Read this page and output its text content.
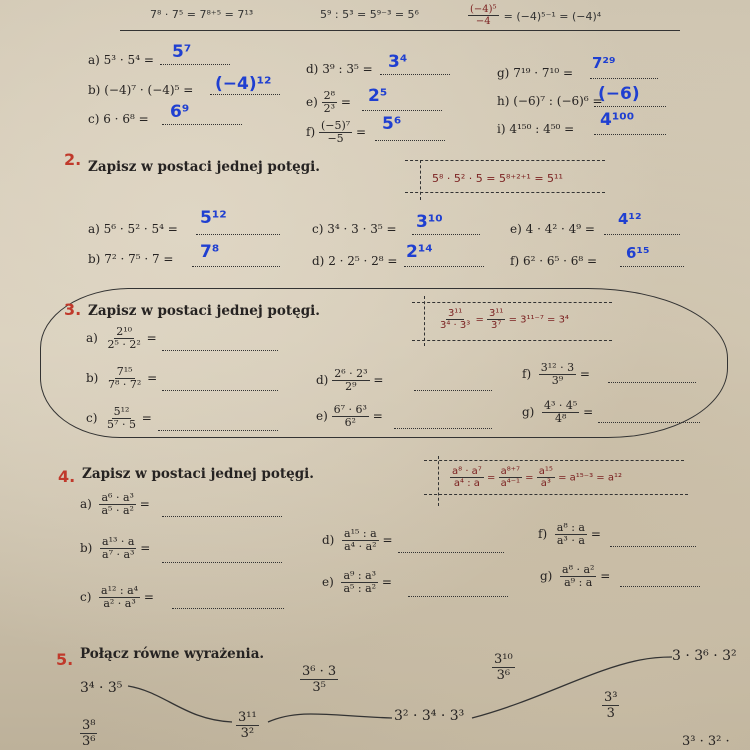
7⁸ · 7⁵ = 7⁸⁺⁵ = 7¹³	5⁹ : 5³ = 5⁹⁻³ = 5⁶	$\frac{\text{(−4)⁵}}{-4} = (-4)^{5-1} = (-4)^4$
a) 5³ · 5⁴ = 5⁷
b) (−4)⁷ · (−4)⁵ = (−4)¹²
c) 6 · 6⁸ = 6⁹
d) 3⁹ : 3⁵ = 3⁴
$e) \frac{\text{2⁸}}{\text{2³}} = 2^5$
$f) \frac{\text{(−5)⁷}}{-5} = 5^6$
g) 7¹⁹ · 7¹⁰ =
7²⁹
h) (−6)⁷ : (−6)⁶ =
(−6)
i) 4¹⁵⁰ : 4⁵⁰ = 4¹⁰⁰
2. Zapisz w postaci jednej potęgi.
5⁸ · 5² · 5 = 5⁸⁺²⁺¹ = 5¹¹
a) 5⁶ · 5² · 5⁴ =
5¹²
b) 7² · 7⁵ · 7 = 7⁸
c) 3⁴ · 3 · 3⁵ = 3¹⁰
d) 2 · 2⁵ · 2⁸ = 2¹⁴
e) 4 · 4² · 4⁹ =
4¹²
f) 6² · 6⁵ · 6⁸ = 6¹⁵
3. Zapisz w postaci jednej potęgi.	$\frac{\text{3¹¹}}{\text{3⁴ · 3³}} = \frac{\text{3¹¹}}{\text{3⁷}} = 3^{11-7} = 3^4$
$a) \frac{\text{2¹⁰}}{\text{2⁵ · 2²}}$ =
$b) \frac{\text{7¹⁵}}{\text{7⁸ · 7²}}$ =
$c) \frac{\text{5¹²}}{\text{5⁷ · 5}}$ =
$d) \frac{\text{2⁶ · 2³}}{\text{2⁹}}$ =
$e) \frac{\text{6⁷ · 6³}}{\text{6²}}$ =
$f) \frac{\text{3¹² · 3}}{\text{3⁹}}$ =
$g) \frac{\text{4³ · 4⁵}}{\text{4⁸}}$ =
4. Zapisz w postaci jednej potęgi.	$\frac{\text{a⁸ · a⁷}}{\text{a⁴ : a}} = \frac{\text{a⁸⁺⁷}}{\text{a⁴⁻¹}} = \frac{\text{a¹⁵}}{\text{a³}} = a^{15-3} = a^{12}$
$a) \frac{\text{a⁶ · a³}}{\text{a⁵ · a²}}$ =
$b) \frac{\text{a¹³ · a}}{\text{a⁷ · a³}}$ =
$c) \frac{\text{a¹² : a⁴}}{\text{a² · a³}}$ =
$d) \frac{\text{a¹⁵ : a}}{\text{a⁴ · a²}}$ =
$e) \frac{\text{a⁹ : a³}}{\text{a⁵ : a²}}$ =
$f) \frac{\text{a⁸ : a}}{\text{a³ · a}}$ =
$g) \frac{\text{a⁸ · a²}}{\text{a⁹ : a}}$ =
5. Połącz równe wyrażenia.
3⁴ · 3⁵	$\frac{\text{3⁶ · 3}}{\text{3⁵}}$	$\frac{\text{3¹⁰}}{\text{3⁶}}$	3 · 3⁶ · 3²
$\frac{\text{3⁸}}{\text{3⁶}}$	$\frac{\text{3¹¹}}{\text{3²}}$	3² · 3⁴ · 3³	$\frac{\text{3³}}{3}$
3³ · 3² ·
